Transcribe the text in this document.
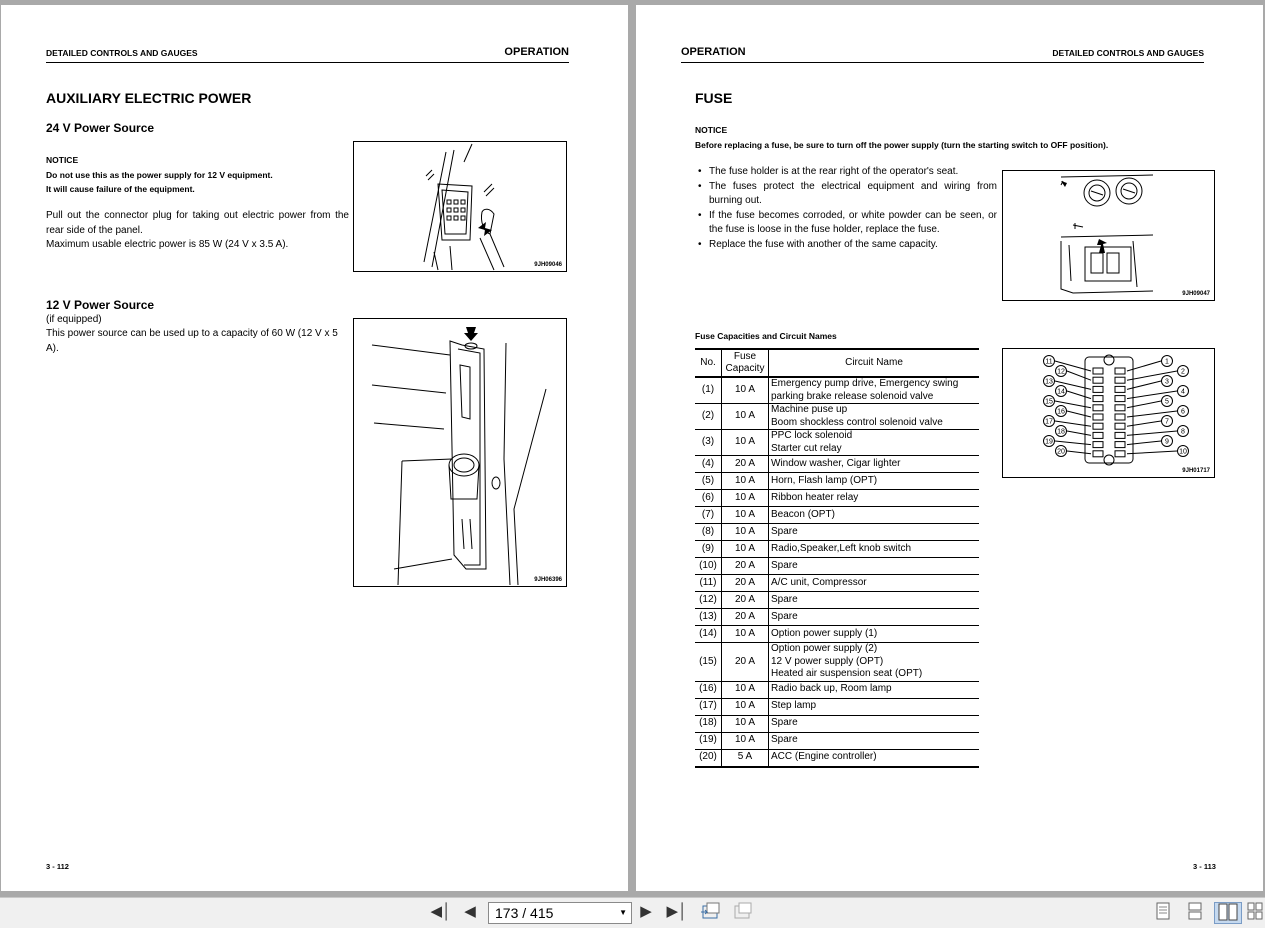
DETAILED CONTROLS AND GAUGES	OPERATION
AUXILIARY ELECTRIC POWER
24 V Power Source
NOTICE
Do not use this as the power supply for 12 V equipment.
It will cause failure of the equipment.
Pull out the connector plug for taking out electric power from the rear side of the panel.
Maximum usable electric power is 85 W (24 V x 3.5 A).
9JH09046
12 V Power Source
(if equipped)
This power source can be used up to a capacity of 60 W (12 V x 5 A).
9JH06396
3 - 112
OPERATION	DETAILED CONTROLS AND GAUGES
FUSE
NOTICE
Before replacing a fuse, be sure to turn off the power supply (turn the starting switch to OFF position).
• The fuse holder is at the rear right of the operator's seat.
• The fuses protect the electrical equipment and wiring from burning out.
• If the fuse becomes corroded, or white powder can be seen, or the fuse is loose in the fuse holder, replace the fuse.
• Replace the fuse with another of the same capacity.
9JH09047
Fuse Capacities and Circuit Names
No.	Fuse Capacity	Circuit Name
(1)	10 A	Emergency pump drive, Emergency swing parking brake release solenoid valve
(2)	10 A	Machine puse up
Boom shockless control solenoid valve
(3)	10 A	PPC lock solenoid
Starter cut relay
(4)	20 A	Window washer, Cigar lighter
(5)	10 A	Horn, Flash lamp (OPT)
(6)	10 A	Ribbon heater relay
(7)	10 A	Beacon (OPT)
(8)	10 A	Spare
(9)	10 A	Radio,Speaker,Left knob switch
(10)	20 A	Spare
(11)	20 A	A/C unit, Compressor
(12)	20 A	Spare
(13)	20 A	Spare
(14)	10 A	Option power supply (1)
(15)	20 A	Option power supply (2)
12 V power supply (OPT)
Heated air suspension seat (OPT)
(16)	10 A	Radio back up, Room lamp
(17)	10 A	Step lamp
(18)	10 A	Spare
(19)	10 A	Spare
(20)	5 A	ACC (Engine controller)
11	1
12	2
13	3
14	4
15	5
16	6
17	7
18	8
19	9
20	10
9JH01717
3 - 113
◀‎│ ◀	173 / 415	▼ ▶ ▶│
